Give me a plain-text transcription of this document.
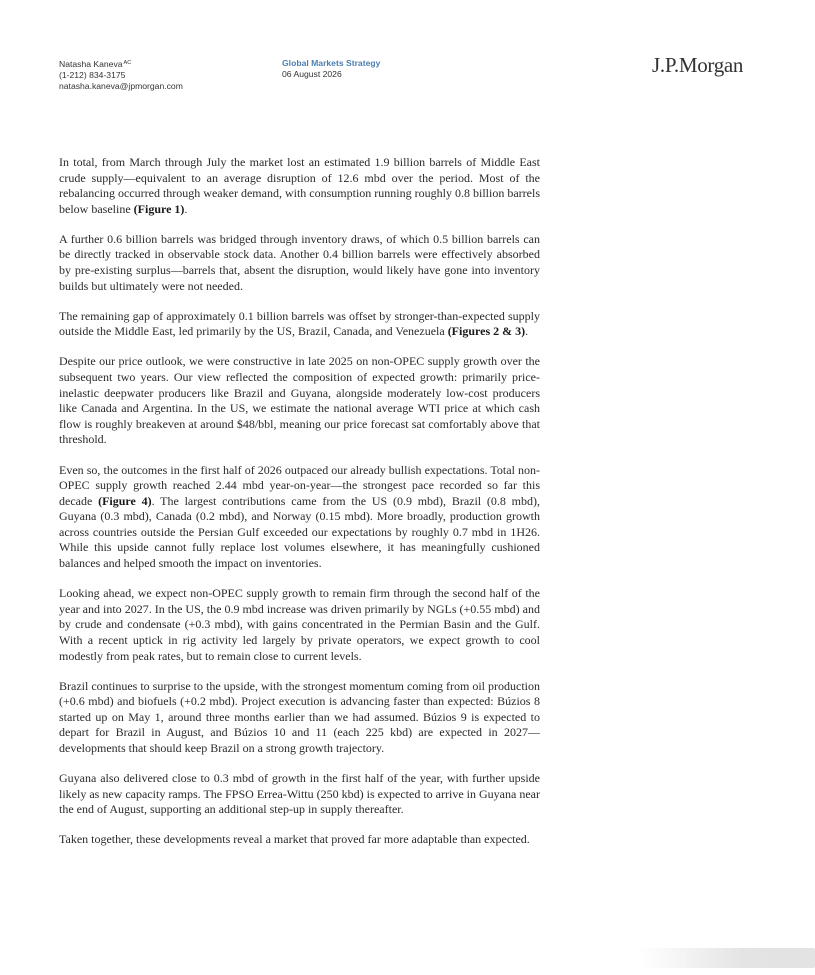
Natasha Kaneva$^{AC}$
(1-212) 834-3175
natasha.kaneva@jpmorgan.com
Global Markets Strategy
06 August 2026	J.P.Morgan

In total, from March through July the market lost an estimated 1.9 billion barrels of Middle East crude supply—equivalent to an average disruption of 12.6 mbd over the period. Most of the rebalancing occurred through weaker demand, with consumption running roughly 0.8 billion barrels below baseline (Figure 1).

A further 0.6 billion barrels was bridged through inventory draws, of which 0.5 billion barrels can be directly tracked in observable stock data. Another 0.4 billion barrels were effectively absorbed by pre-existing surplus—barrels that, absent the disruption, would likely have gone into inventory builds but ultimately were not needed.

The remaining gap of approximately 0.1 billion barrels was offset by stronger-than-expected supply outside the Middle East, led primarily by the US, Brazil, Canada, and Venezuela (Figures 2 & 3).

Despite our price outlook, we were constructive in late 2025 on non-OPEC supply growth over the subsequent two years. Our view reflected the composition of expected growth: primarily price-inelastic deepwater producers like Brazil and Guyana, alongside moderately low-cost producers like Canada and Argentina. In the US, we estimate the national average WTI price at which cash flow is roughly breakeven at around $48/bbl, meaning our price forecast sat comfortably above that threshold.

Even so, the outcomes in the first half of 2026 outpaced our already bullish expectations. Total non-OPEC supply growth reached 2.44 mbd year-on-year—the strongest pace recorded so far this decade (Figure 4). The largest contributions came from the US (0.9 mbd), Brazil (0.8 mbd), Guyana (0.3 mbd), Canada (0.2 mbd), and Norway (0.15 mbd). More broadly, production growth across countries outside the Persian Gulf exceeded our expectations by roughly 0.7 mbd in 1H26. While this upside cannot fully replace lost volumes elsewhere, it has meaningfully cushioned balances and helped smooth the impact on inventories.

Looking ahead, we expect non-OPEC supply growth to remain firm through the second half of the year and into 2027. In the US, the 0.9 mbd increase was driven primarily by NGLs (+0.55 mbd) and by crude and condensate (+0.3 mbd), with gains concentrated in the Permian Basin and the Gulf. With a recent uptick in rig activity led largely by private operators, we expect growth to cool modestly from peak rates, but to remain close to current levels.

Brazil continues to surprise to the upside, with the strongest momentum coming from oil production (+0.6 mbd) and biofuels (+0.2 mbd). Project execution is advancing faster than expected: Búzios 8 started up on May 1, around three months earlier than we had assumed. Búzios 9 is expected to depart for Brazil in August, and Búzios 10 and 11 (each 225 kbd) are expected in 2027—developments that should keep Brazil on a strong growth trajectory.

Guyana also delivered close to 0.3 mbd of growth in the first half of the year, with further upside likely as new capacity ramps. The FPSO Errea-Wittu (250 kbd) is expected to arrive in Guyana near the end of August, supporting an additional step-up in supply thereafter.

Taken together, these developments reveal a market that proved far more adaptable than expected.
